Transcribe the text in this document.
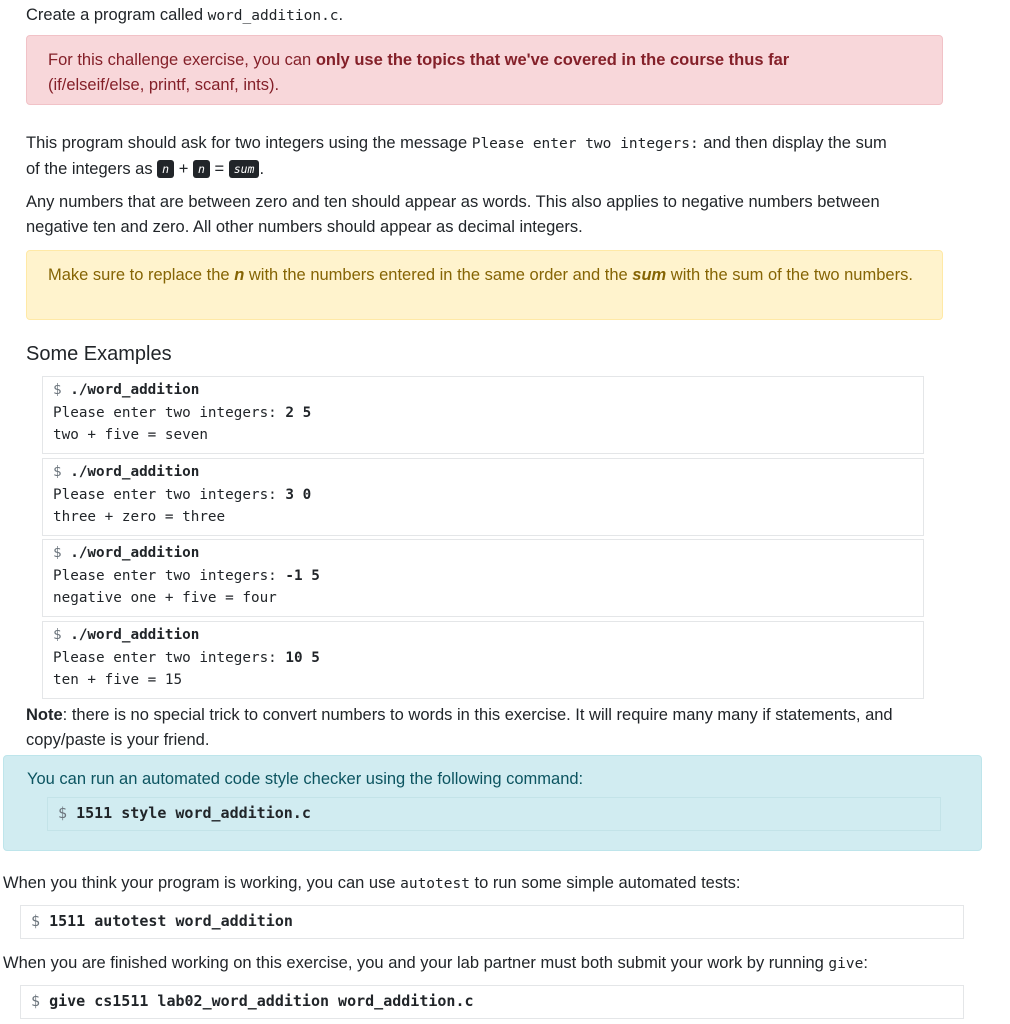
Create a program called word_addition.c.

For this challenge exercise, you can only use the topics that we've covered in the course thus far

(if/elseif/else, printf, scanf, ints).

This program should ask for two integers using the message Please enter two integers: and then display the sum

of the integers as n + n = sum .

Any numbers that are between zero and ten should appear as words. This also applies to negative numbers between negative ten and zero. All other numbers should appear as decimal integers.

Make sure to replace the n with the numbers entered in the same order and the sum with the sum of the two numbers.

Some Examples
$ ./word_addition
Please enter two integers: 2 5
two + five = seven
$ ./word_addition
Please enter two integers: 3 0
three + zero = three
$ ./word_addition
Please enter two integers: -1 5
negative one + five = four
$ ./word_addition
Please enter two integers: 10 5
ten + five = 15

Note: there is no special trick to convert numbers to words in this exercise. It will require many many if statements, and copy/paste is your friend.

You can run an automated code style checker using the following command:

$ 1511 style word_addition.c

When you think your program is working, you can use autotest to run some simple automated tests:

$ 1511 autotest word_addition

When you are finished working on this exercise, you and your lab partner must both submit your work by running give:

$ give cs1511 lab02_word_addition word_addition.c
